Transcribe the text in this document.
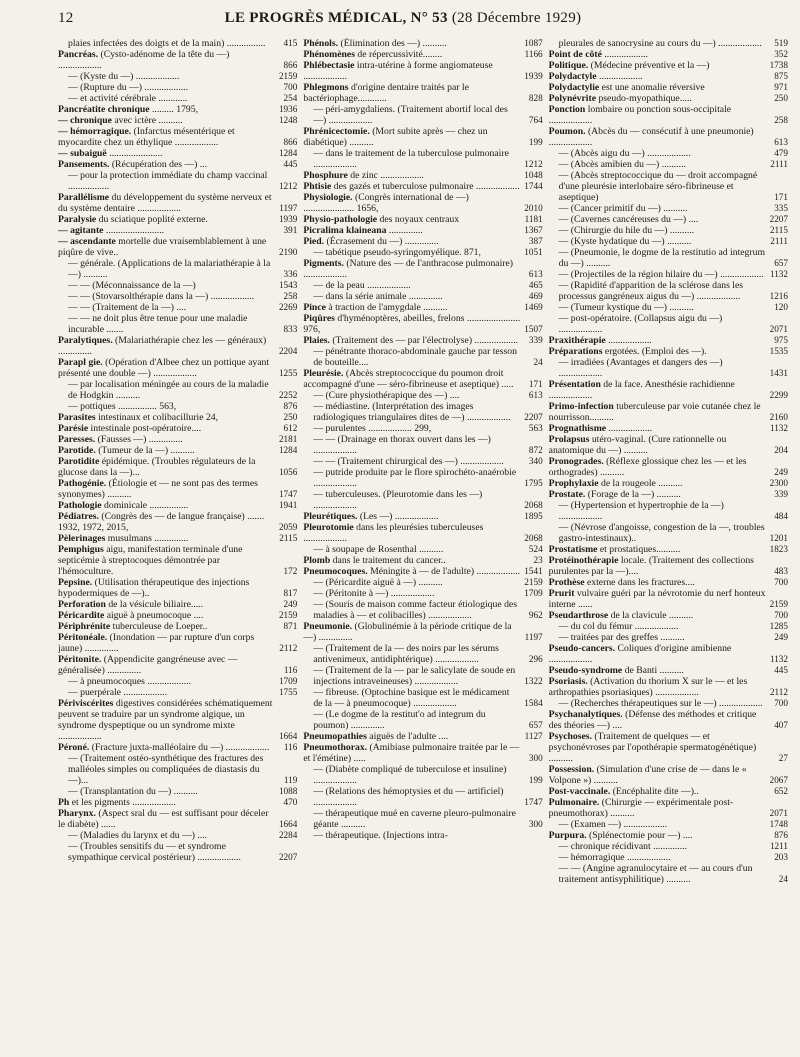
12	LE PROGRÈS MÉDICAL, N° 53 (28 Décembre 1929)
plaies infectées des doigts et de la main) ................	415
Pancréas. (Cysto-adénome de la tête du —) ..................	866
— (Kyste du —) ..................	2159
— (Rupture du —) ..................	700
— et activité cérébrale ............	254
Pancréatite chronique ......... 1795,	1936
— chronique avec ictère ..........	1248
— hémorragique. (Infarctus mésentérique et myocardite chez un éthylique ..................	866
— subaiguë ......................	1284
Pansements. (Récupération des —) ...	445
— pour la protection immédiate du champ vaccinal .................	1212
Parallélisme du développement du système nerveux et du système dentaire ..................	1197
Paralysie du sciatique poplité externe.	1939
— agitante ........................	391
— ascendante mortelle due vraisemblablement à une piqûre de vive..	2190
— générale. (Applications de la malariathérapie à la —) ..........	336
— — (Méconnaissance de la —)	1543
— — (Stovarsolthérapie dans la —) ..................	258
— — (Traitement de la —) ....	2269
— — ne doit plus être tenue pour une maladie incurable .......	833
Paralytiques. (Malariathérapie chez les — généraux) ..............	2204
Parapl gie. (Opération d'Albee chez un pottique ayant présenté une double —) ..................	1255
— par localisation méningée au cours de la maladie de Hodgkin ..........	2252
— pottiques ................ 563,	876
Parasites intestinaux et colibacillurie 24,	250
Parésie intestinale post-opératoire....	612
Paresses. (Fausses —) ..............	2181
Parotide. (Tumeur de la —) ..........	1284
Parotidite épidémique. (Troubles régulateurs de la glucose dans la —)...	1056
Pathogénie. (Étiologie et — ne sont pas des termes synonymes) ..........	1747
Pathologie dominicale ................	1941
Pédiatres. (Congrès des — de langue française) ....... 1932, 1972, 2015,	2059
Pèlerinages musulmans ..............	2115
Pemphigus aigu, manifestation terminale d'une septicémie à streptocoques démontrée par l'hémoculture.	172
Pepsine. (Utilisation thérapeutique des injections hypodermiques de —)..	817
Perforation de la vésicule biliaire.....	249
Péricardite aiguë à pneumocoque ....	2159
Périphrénite tuberculeuse de Loeper..	871
Péritonéale. (Inondation — par rupture d'un corps jaune) ..............	2112
Péritonite. (Appendicite gangréneuse avec — généralisée) ..............	116
— à pneumocoques ..................	1709
— puerpérale ..................	1755
Périviscérites digestives considérées schématiquement peuvent se traduire par un syndrome algique, un syndrome dyspeptique ou un syndrome mixte ..................	1664
Péroné. (Fracture juxta-malléolaire du —) ..................	116
— (Traitement ostéo-synthétique des fractures des malléoles simples ou compliquées de diastasis du —)...	119
— (Transplantation du —) ..........	1088
Ph et les pigments ..................	470
Pharynx. (Aspect sral du — est suffisant pour déceler le diabète) ......	1664
— (Maladies du larynx et du —) ....	2284
— (Troubles sensitifs du — et syndrome sympathique cervical postérieur) ..................	2207
Phénols. (Élimination des —) ..........	1087
Phénomènes de répercussivité........	1166
Phlébectasie intra-utérine à forme angiomateuse ..................	1939
Phlegmons d'origine dentaire traités par le bactériophage............	828
— péri-amygdaliens. (Traitement abortif local des —) ..................	764
Phrénicectomie. (Mort subite après — chez un diabétique) ..........	199
— dans le traitement de la tuberculose pulmonaire ..................	1212
Phosphure de zinc ..................	1048
Phtisie des gazés et tuberculose pulmonaire .................. 1744
Physiologie. (Congrès international de —) ..................... 1656,	2010
Physio-pathologie des noyaux centraux	1181
Picralima klaineana ..............	1367
Pied. (Écrasement du —) ..............	387
— tabétique pseudo-syringomyélique. 871,	1051
Pigments. (Nature des — de l'anthracose pulmonaire) ..................	613
— de la peau ..................	465
— dans la série animale ..............	469
Pince à traction de l'amygdale ..........	1469
Piqûres d'hyménoptères, abeilles, frelons ...................... 976,	1507
Plaies. (Traitement des — par l'électrolyse) ..................	339
— pénétrante thoraco-abdominale gauche par tesson de bouteille....	24
Pleurésie. (Abcès streptococcique du poumon droit accompagné d'une — séro-fibrineuse et aseptique) .....	171
— (Cure physiothérapique des —) ....	613
— médiastine. (Interprétation des images radiologiques triangulaires dites de —) ..................	2207
— purulentes .................. 299,	563
— — (Drainage en thorax ouvert dans les —) ..................	872
— — (Traitement chirurgical des —) ..................	340
— putride produite par le flore spirochéto-anaérobie ..................	1795
— tuberculeuses. (Pleurotomie dans les —) ..................	2068
Pleurétiques. (Les —) ..................	1895
Pleurotomie dans les pleurésies tuberculeuses ..................	2068
— à soupape de Rosenthal ..........	524
Plomb dans le traitement du cancer..	23
Pneumocoques. Méningite à — de l'adulte) .................. 1541
— (Péricardite aiguë à —) ..........	2159
— (Péritonite à —) ..................	1709
— (Souris de maison comme facteur étiologique des maladies à — et colibacilles) ..................	962
Pneumonie. (Globulinémie à la période critique de la —) ..............	1197
— (Traitement de la — des noirs par les sérums antivenimeux, antidiphtérique) ..................	296
— (Traitement de la — par le salicylate de soude en injections intraveineuses) ..................	1322
— fibreuse. (Optochine basique est le médicament de la — à pneumocoque) ..................	1584
— (Le dogme de la restitut'o ad integrum du poumon) ..............	657
Pneumopathies aiguës de l'adulte ....	1127
Pneumothorax. (Amibiase pulmonaire traitée par le — et l'émétine) .....	300
— (Diabète compliqué de tuberculose et insuline) ..................	199
— (Relations des hémoptysies et du — artificiel) ..................	1747
— thérapeutique mué en caverne pleuro-pulmonaire géante ..........	300
— thérapeutique. (Injections intra-
pleurales de sanocrysine au cours du —) ..................	519
Point de côté ..................	352
Politique. (Médecine préventive et la —)	1738
Polydactyle ..................	875
Polydactylie est une anomalie réversive	971
Polynévrite pseudo-myopathique.....	250
Ponction lombaire ou ponction sous-occipitale ..................	258
Poumon. (Abcès du — consécutif à une pneumonie) ..................	613
— (Abcès aigu du —) ..................	479
— (Abcès amibien du —) ..........	2111
— (Abcès streptococcique du — droit accompagné d'une pleurésie interlobaire séro-fibrineuse et aseptique)	171
— (Cancer primitif du —) ..........	335
— (Cavernes cancéreuses du —) ....	2207
— (Chirurgie du hile du —) ..........	2115
— (Kyste hydatique du —) ..........	2111
— (Pneumonie, le dogme de la restitutio ad integrum du —) ..........	657
— (Projectiles de la région hilaire du —) .................. 1132
— (Rapidité d'apparition de la sclérose dans les processus gangréneux aigus du —) ..................	1216
— (Tumeur kystique du —) ..........	120
— post-opératoire. (Collapsus aigu du —) ..................	2071
Praxithérapie ..................	975
Préparations ergotées. (Emploi des —).	1535
— irradiées (Avantages et dangers des —) ..................	1431
Présentation de la face. Anesthésie rachidienne ..................	2299
Primo-infection tuberculeuse par voie cutanée chez le nourrisson..........	2160
Prognathisme ..................	1132
Prolapsus utéro-vaginal. (Cure rationnelle ou anatomique du —) ..........	204
Pronogrades. (Réflexe glossique chez les — et les orthogrades) ..........	249
Prophylaxie de la rougeole ..........	2300
Prostate. (Forage de la —) ..........	339
— (Hypertension et hypertrophie de la —) ..................	484
— (Névrose d'angoisse, congestion de la —, troubles gastro-intestinaux)..	1201
Prostatisme et prostatiques..........	1823
Protéinothérapie locale. (Traitement des collections purulentes par la —)....	483
Prothèse externe dans les fractures....	700
Prurit vulvaire guéri par la névrotomie du nerf honteux interne ......	2159
Pseudarthrose de la clavicule ..........	700
— du col du fémur ..................	1285
— traitées par des greffes ..........	249
Pseudo-cancers. Coliques d'origine amibienne ..................	1132
Pseudo-syndrome de Banti ..........	445
Psoriasis. (Activation du thorium X sur le — et les arthropathies psoriasiques) ..................	2112
— (Recherches thérapeutiques sur le —) ..................	700
Psychanalytiques. (Défense des méthodes et critique des théories —) ....	407
Psychoses. (Traitement de quelques — et psychonévroses par l'opothérapie spermatogénétique) ..........	27
Possession. (Simulation d'une crise de — dans le « Volpone ») ..........	2067
Post-vaccinale. (Encéphalite dite —)..	652
Pulmonaire. (Chirurgie — expérimentale post-pneumothorax) ..........	2071
— (Examen —) ..................	1748
Purpura. (Splénectomie pour —) ....	876
— chronique récidivant ..............	1211
— hémorragique ..................	203
— — (Angine agranulocytaire et — au cours d'un traitement antisyphilitique) ..........	24
